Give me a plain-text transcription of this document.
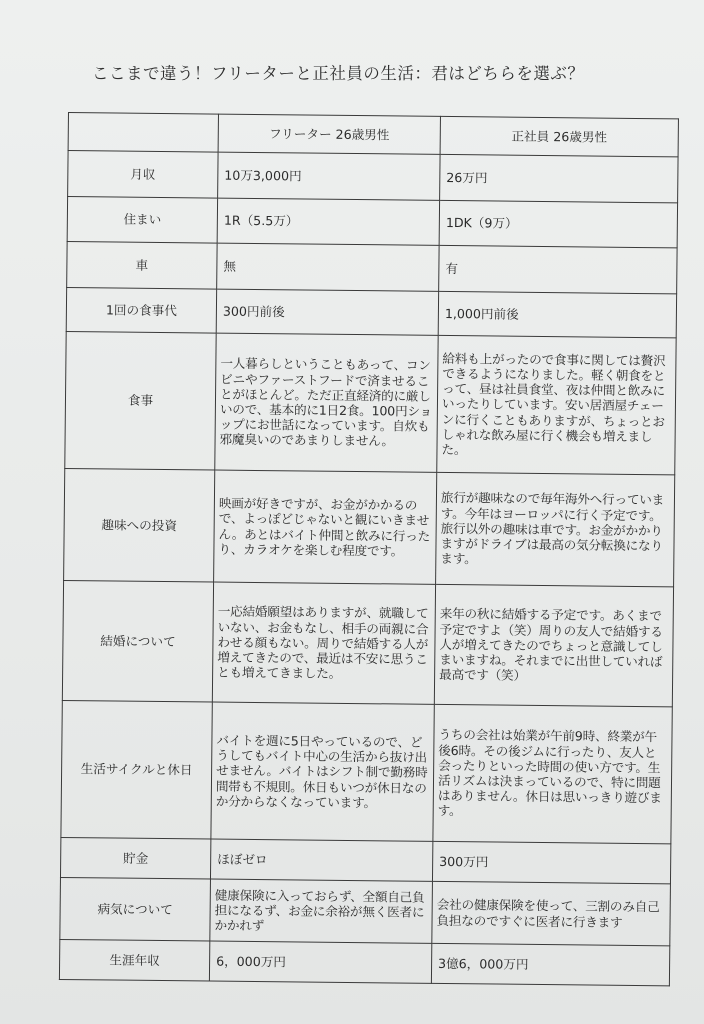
ここまで違う！フリーターと正社員の生活：君はどちらを選ぶ？
	フリーター 26歳男性	正社員 26歳男性
月収	10万3,000円	26万円
住まい	1R（5.5万）	1DK（9万）
車	無	有
1回の食事代	300円前後	1,000円前後
食事	一人暮らしということもあって、コンビニやファーストフードで済ませることがほとんど。ただ正直経済的に厳しいので、基本的に1日2食。100円ショップにお世話になっています。自炊も邪魔臭いのであまりしません。	給料も上がったので食事に関しては贅沢できるようになりました。軽く朝食をとって、昼は社員食堂、夜は仲間と飲みにいったりしています。安い居酒屋チェーンに行くこともありますが、ちょっとおしゃれな飲み屋に行く機会も増えました。
趣味への投資	映画が好きですが、お金がかかるので、よっぽどじゃないと観にいきません。あとはバイト仲間と飲みに行ったり、カラオケを楽しむ程度です。	旅行が趣味なので毎年海外へ行っています。今年はヨーロッパに行く予定です。旅行以外の趣味は車です。お金がかかりますがドライブは最高の気分転換になります。
結婚について	一応結婚願望はありますが、就職していない、お金もなし、相手の両親に合わせる顔もない。周りで結婚する人が増えてきたので、最近は不安に思うことも増えてきました。	来年の秋に結婚する予定です。あくまで予定ですよ（笑）周りの友人で結婚する人が増えてきたのでちょっと意識してしまいますね。それまでに出世していれば最高です（笑）
生活サイクルと休日	バイトを週に5日やっているので、どうしてもバイト中心の生活から抜け出せません。バイトはシフト制で勤務時間帯も不規則。休日もいつが休日なのか分からなくなっています。	うちの会社は始業が午前9時、終業が午後6時。その後ジムに行ったり、友人と会ったりといった時間の使い方です。生活リズムは決まっているので、特に問題はありません。休日は思いっきり遊びます。
貯金	ほぼゼロ	300万円
病気について	健康保険に入っておらず、全額自己負担になるず、お金に余裕が無く医者にかかれず	会社の健康保険を使って、三割のみ自己負担なのですぐに医者に行きます
生涯年収	6，000万円	3億6，000万円
